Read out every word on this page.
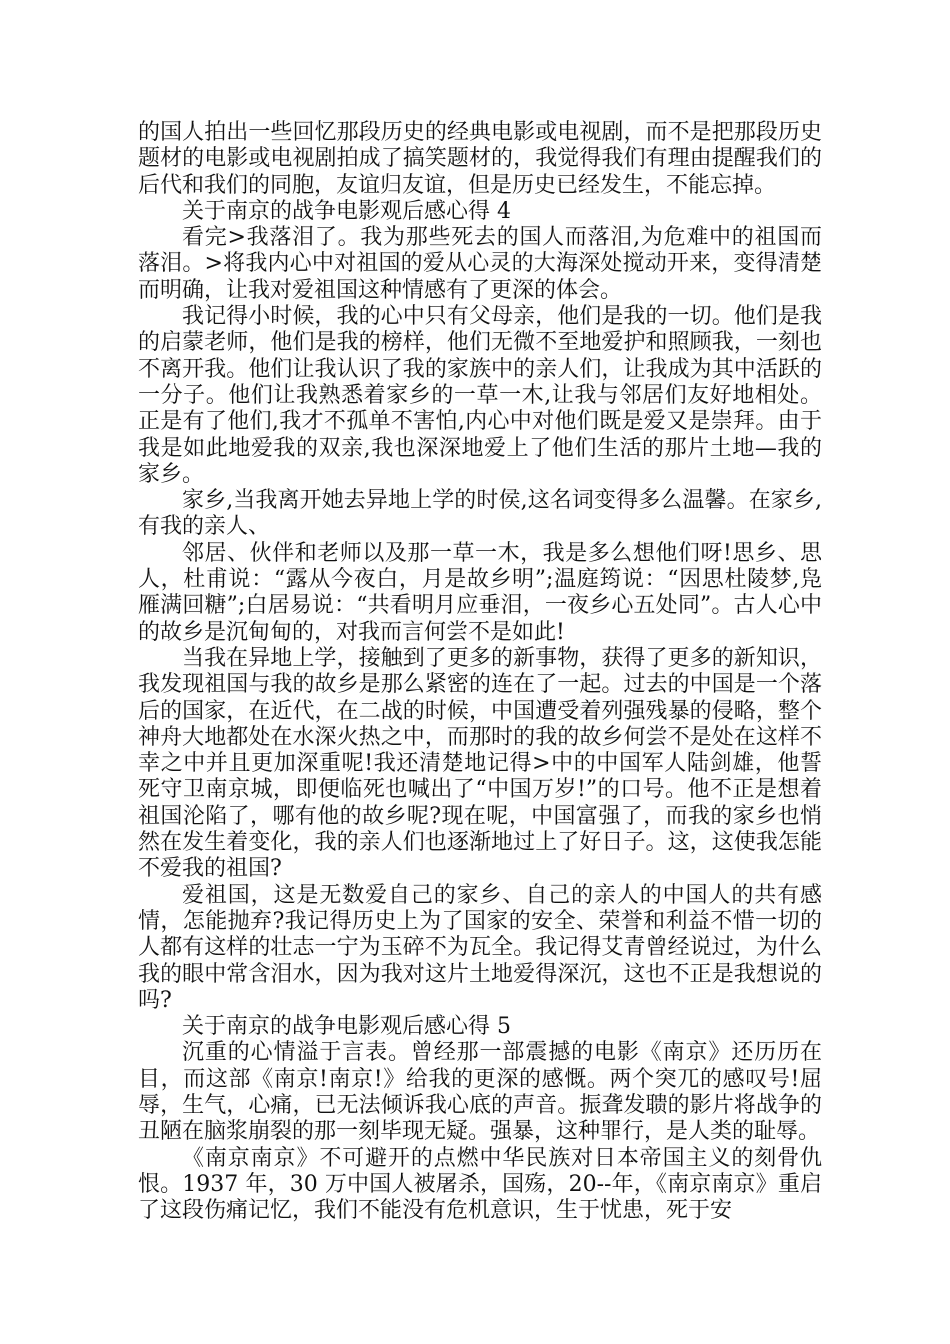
的国人拍出一些回忆那段历史的经典电影或电视剧，而不是把那段历史题材的电影或电视剧拍成了搞笑题材的，我觉得我们有理由提醒我们的后代和我们的同胞，友谊归友谊，但是历史已经发生，不能忘掉。

关于南京的战争电影观后感心得 4

看完>我落泪了。我为那些死去的国人而落泪,为危难中的祖国而落泪。>将我内心中对祖国的爱从心灵的大海深处搅动开来，变得清楚而明确，让我对爱祖国这种情感有了更深的体会。

我记得小时候，我的心中只有父母亲，他们是我的一切。他们是我的启蒙老师，他们是我的榜样，他们无微不至地爱护和照顾我，一刻也不离开我。他们让我认识了我的家族中的亲人们，让我成为其中活跃的一分子。他们让我熟悉着家乡的一草一木,让我与邻居们友好地相处。正是有了他们,我才不孤单不害怕,内心中对他们既是爱又是崇拜。由于我是如此地爱我的双亲,我也深深地爱上了他们生活的那片土地—我的家乡。

家乡,当我离开她去异地上学的时侯,这名词变得多么温馨。在家乡,有我的亲人、

邻居、伙伴和老师以及那一草一木，我是多么想他们呀!思乡、思人，杜甫说：“露从今夜白，月是故乡明”;温庭筠说：“因思杜陵梦,凫雁满回糖”;白居易说：“共看明月应垂泪，一夜乡心五处同”。古人心中的故乡是沉甸甸的，对我而言何尝不是如此!

当我在异地上学，接触到了更多的新事物，获得了更多的新知识，我发现祖国与我的故乡是那么紧密的连在了一起。过去的中国是一个落后的国家，在近代，在二战的时候，中国遭受着列强残暴的侵略，整个神舟大地都处在水深火热之中，而那时的我的故乡何尝不是处在这样不幸之中并且更加深重呢!我还清楚地记得>中的中国军人陆剑雄，他誓死守卫南京城，即便临死也喊出了“中国万岁!”的口号。他不正是想着祖国沦陷了，哪有他的故乡呢?现在呢，中国富强了，而我的家乡也悄然在发生着变化，我的亲人们也逐渐地过上了好日子。这，这使我怎能不爱我的祖国?

爱祖国，这是无数爱自己的家乡、自己的亲人的中国人的共有感情，怎能抛弃?我记得历史上为了国家的安全、荣誉和利益不惜一切的人都有这样的壮志一宁为玉碎不为瓦全。我记得艾青曾经说过，为什么我的眼中常含泪水，因为我对这片土地爱得深沉，这也不正是我想说的吗?

关于南京的战争电影观后感心得 5

沉重的心情溢于言表。曾经那一部震撼的电影《南京》还历历在目，而这部《南京!南京!》给我的更深的感慨。两个突兀的感叹号!屈辱，生气，心痛，已无法倾诉我心底的声音。振聋发聩的影片将战争的丑陋在脑浆崩裂的那一刻毕现无疑。强暴，这种罪行，是人类的耻辱。

《南京南京》不可避开的点燃中华民族对日本帝国主义的刻骨仇恨。1937 年，30 万中国人被屠杀，国殇，20--年，《南京南京》重启了这段伤痛记忆，我们不能没有危机意识，生于忧患，死于安
